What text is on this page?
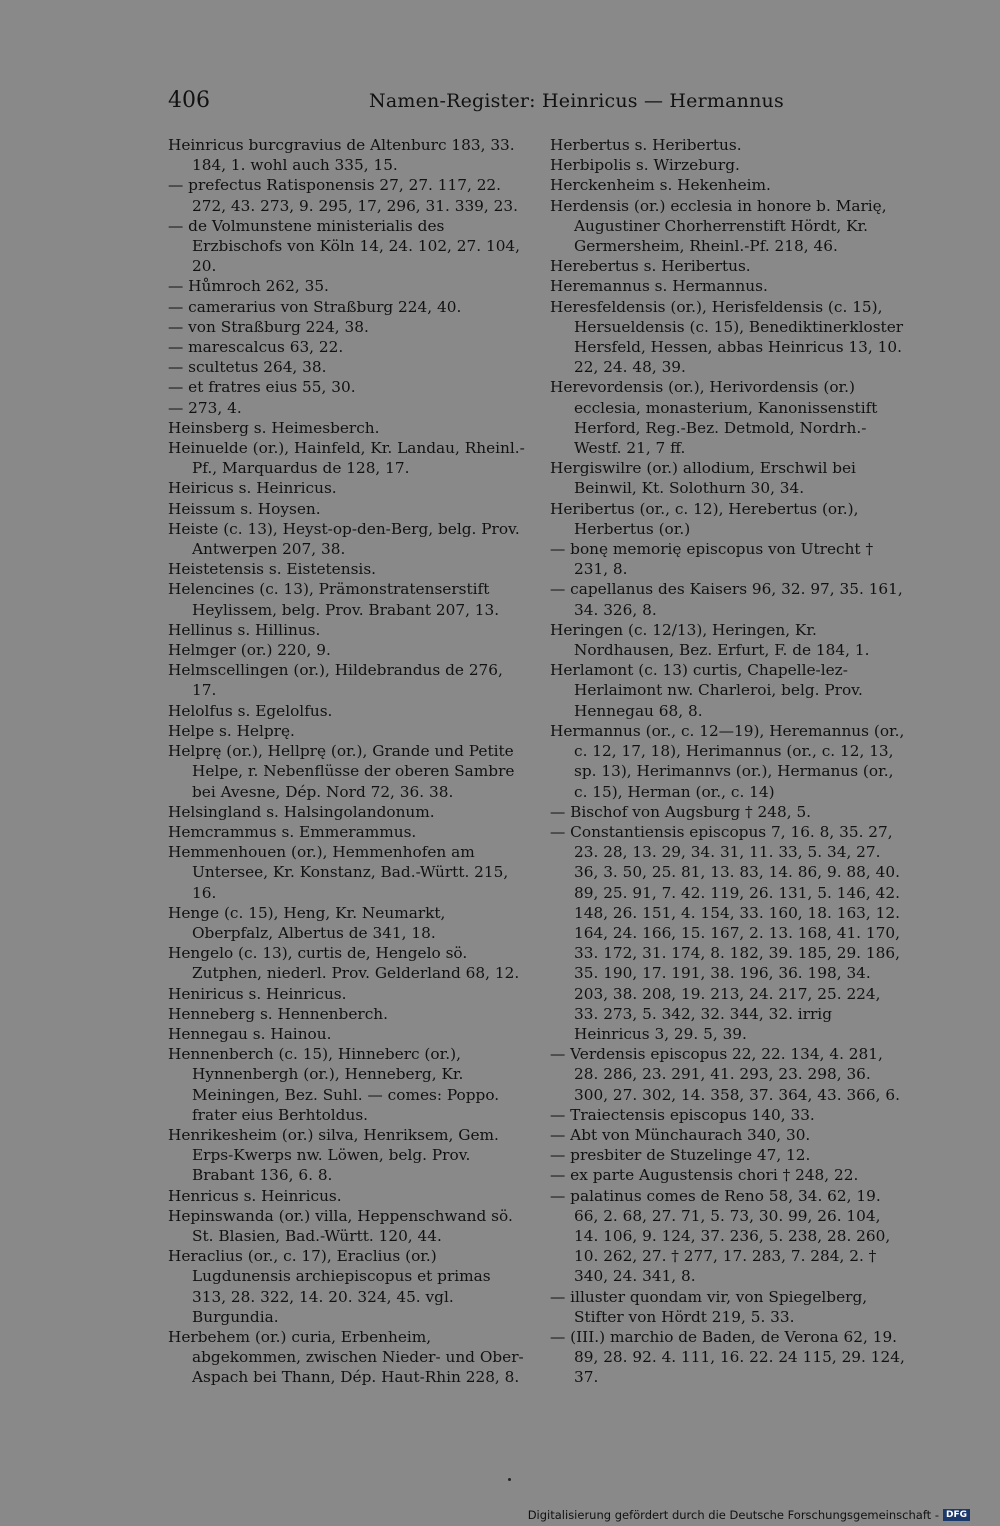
406	Namen-Register: Heinricus — Hermannus

Heinricus burcgravius de Altenburc 183, 33. 184, 1. wohl auch 335, 15.

— prefectus Ratisponensis 27, 27. 117, 22. 272, 43. 273, 9. 295, 17, 296, 31. 339, 23.

— de Volmunstene ministerialis des Erzbischofs von Köln 14, 24. 102, 27. 104, 20.

— Hůmroch 262, 35.

— camerarius von Straßburg 224, 40.

— von Straßburg 224, 38.

— marescalcus 63, 22.

— scultetus 264, 38.

— et fratres eius 55, 30.

— 273, 4.

Heinsberg s. Heimesberch.

Heinuelde (or.), Hainfeld, Kr. Landau, Rheinl.-Pf., Marquardus de 128, 17.

Heiricus s. Heinricus.

Heissum s. Hoysen.

Heiste (c. 13), Heyst-op-den-Berg, belg. Prov. Antwerpen 207, 38.

Heistetensis s. Eistetensis.

Helencines (c. 13), Prämonstratenserstift Heylissem, belg. Prov. Brabant 207, 13.

Hellinus s. Hillinus.

Helmger (or.) 220, 9.

Helmscellingen (or.), Hildebrandus de 276, 17.

Helolfus s. Egelolfus.

Helpe s. Helprę.

Helprę (or.), Hellprę (or.), Grande und Petite Helpe, r. Nebenflüsse der oberen Sambre bei Avesne, Dép. Nord 72, 36. 38.

Helsingland s. Halsingolandonum.

Hemcrammus s. Emmerammus.

Hemmenhouen (or.), Hemmenhofen am Untersee, Kr. Konstanz, Bad.-Württ. 215, 16.

Henge (c. 15), Heng, Kr. Neumarkt, Oberpfalz, Albertus de 341, 18.

Hengelo (c. 13), curtis de, Hengelo sö. Zutphen, niederl. Prov. Gelderland 68, 12.

Heniricus s. Heinricus.

Henneberg s. Hennenberch.

Hennegau s. Hainou.

Hennenberch (c. 15), Hinneberc (or.), Hynnenbergh (or.), Henneberg, Kr. Meiningen, Bez. Suhl. — comes: Poppo. frater eius Berhtoldus.

Henrikesheim (or.) silva, Henriksem, Gem. Erps-Kwerps nw. Löwen, belg. Prov. Brabant 136, 6. 8.

Henricus s. Heinricus.

Hepinswanda (or.) villa, Heppenschwand sö. St. Blasien, Bad.-Württ. 120, 44.

Heraclius (or., c. 17), Eraclius (or.) Lugdunensis archiepiscopus et primas 313, 28. 322, 14. 20. 324, 45. vgl. Burgundia.

Herbehem (or.) curia, Erbenheim, abgekommen, zwischen Nieder- und Ober-Aspach bei Thann, Dép. Haut-Rhin 228, 8.

Herbertus s. Heribertus.

Herbipolis s. Wirzeburg.

Herckenheim s. Hekenheim.

Herdensis (or.) ecclesia in honore b. Marię, Augustiner Chorherrenstift Hördt, Kr. Germersheim, Rheinl.-Pf. 218, 46.

Herebertus s. Heribertus.

Heremannus s. Hermannus.

Heresfeldensis (or.), Herisfeldensis (c. 15), Hersueldensis (c. 15), Benediktinerkloster Hersfeld, Hessen, abbas Heinricus 13, 10. 22, 24. 48, 39.

Herevordensis (or.), Herivordensis (or.) ecclesia, monasterium, Kanonissenstift Herford, Reg.-Bez. Detmold, Nordrh.-Westf. 21, 7 ff.

Hergiswilre (or.) allodium, Erschwil bei Beinwil, Kt. Solothurn 30, 34.

Heribertus (or., c. 12), Herebertus (or.), Herbertus (or.)

— bonę memorię episcopus von Utrecht † 231, 8.

— capellanus des Kaisers 96, 32. 97, 35. 161, 34. 326, 8.

Heringen (c. 12/13), Heringen, Kr. Nordhausen, Bez. Erfurt, F. de 184, 1.

Herlamont (c. 13) curtis, Chapelle-lez-Herlaimont nw. Charleroi, belg. Prov. Hennegau 68, 8.

Hermannus (or., c. 12—19), Heremannus (or., c. 12, 17, 18), Herimannus (or., c. 12, 13, sp. 13), Herimannvs (or.), Hermanus (or., c. 15), Herman (or., c. 14)

— Bischof von Augsburg † 248, 5.

— Constantiensis episcopus 7, 16. 8, 35. 27, 23. 28, 13. 29, 34. 31, 11. 33, 5. 34, 27. 36, 3. 50, 25. 81, 13. 83, 14. 86, 9. 88, 40. 89, 25. 91, 7. 42. 119, 26. 131, 5. 146, 42. 148, 26. 151, 4. 154, 33. 160, 18. 163, 12. 164, 24. 166, 15. 167, 2. 13. 168, 41. 170, 33. 172, 31. 174, 8. 182, 39. 185, 29. 186, 35. 190, 17. 191, 38. 196, 36. 198, 34. 203, 38. 208, 19. 213, 24. 217, 25. 224, 33. 273, 5. 342, 32. 344, 32. irrig Heinricus 3, 29. 5, 39.

— Verdensis episcopus 22, 22. 134, 4. 281, 28. 286, 23. 291, 41. 293, 23. 298, 36. 300, 27. 302, 14. 358, 37. 364, 43. 366, 6.

— Traiectensis episcopus 140, 33.

— Abt von Münchaurach 340, 30.

— presbiter de Stuzelinge 47, 12.

— ex parte Augustensis chori † 248, 22.

— palatinus comes de Reno 58, 34. 62, 19. 66, 2. 68, 27. 71, 5. 73, 30. 99, 26. 104, 14. 106, 9. 124, 37. 236, 5. 238, 28. 260, 10. 262, 27. † 277, 17. 283, 7. 284, 2. † 340, 24. 341, 8.

— illuster quondam vir, von Spiegelberg, Stifter von Hördt 219, 5. 33.

— (III.) marchio de Baden, de Verona 62, 19. 89, 28. 92. 4. 111, 16. 22. 24 115, 29. 124, 37.

Digitalisierung gefördert durch die Deutsche Forschungsgemeinschaft - DFG
